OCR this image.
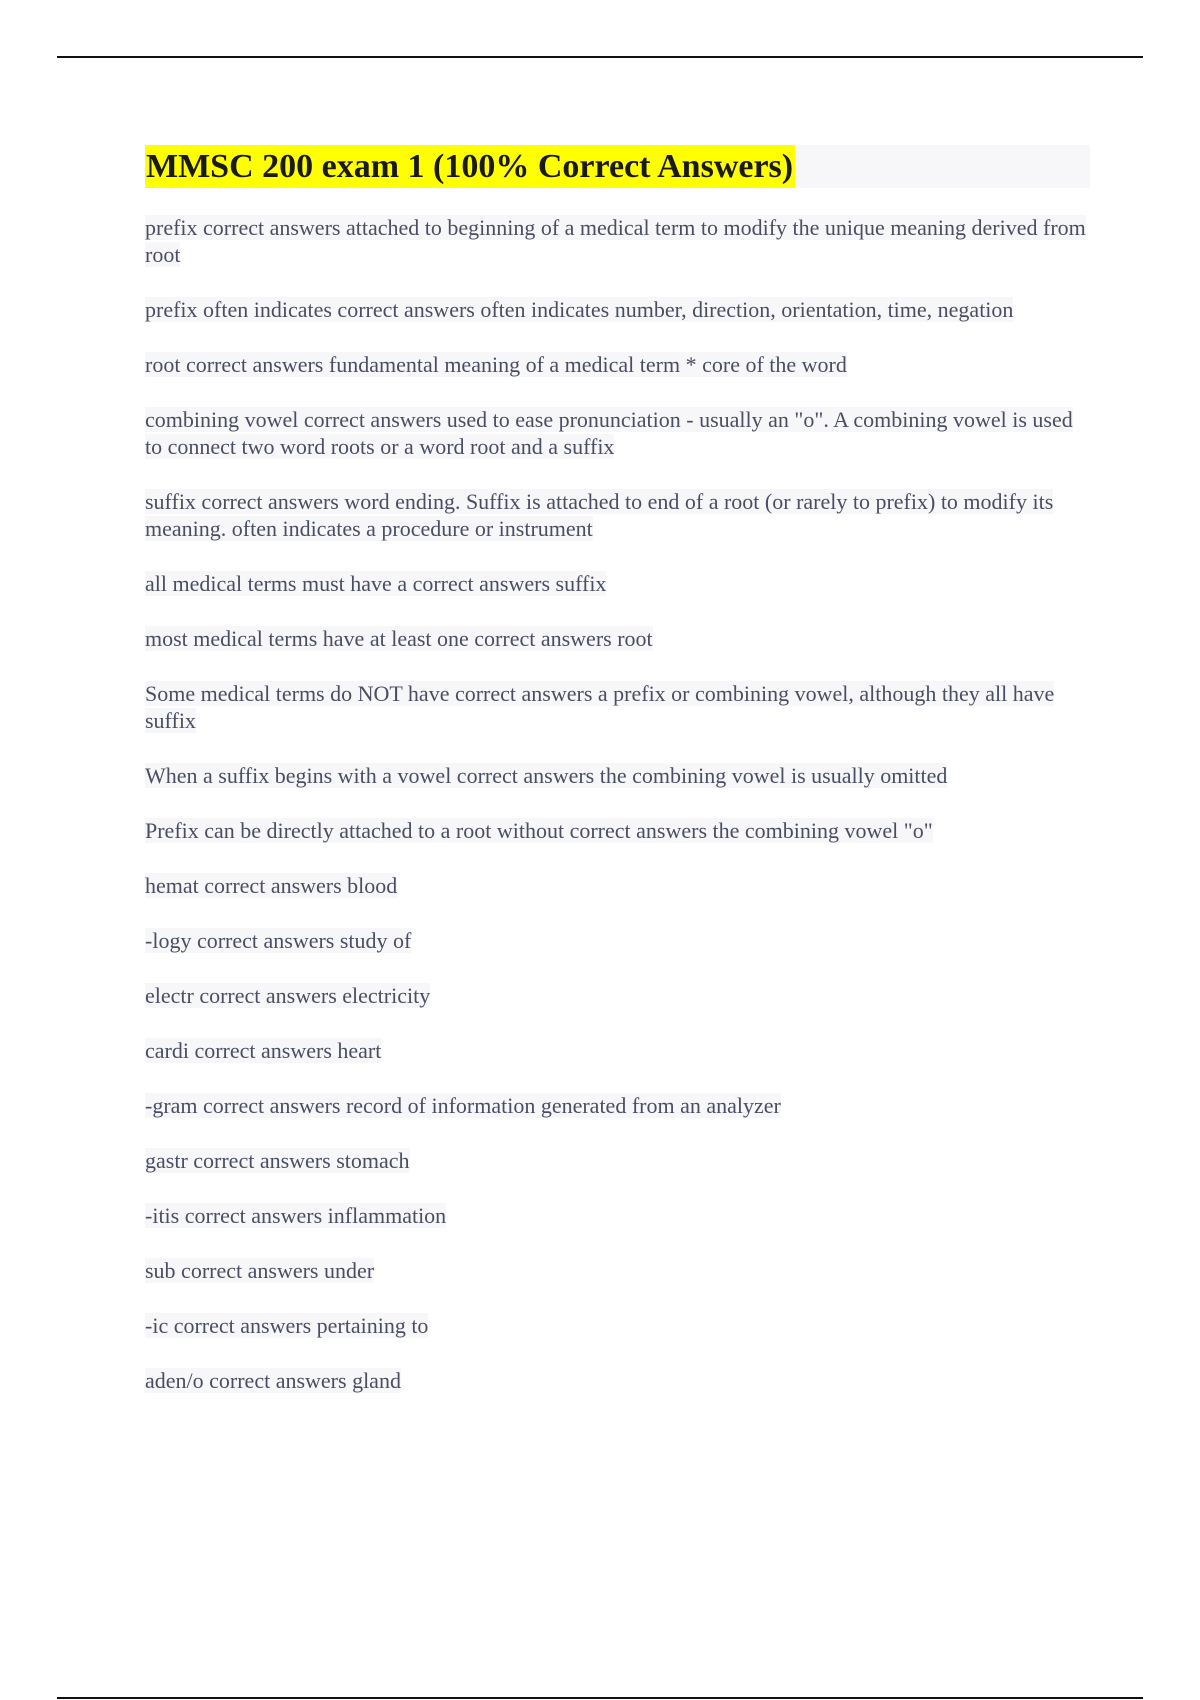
MMSC 200 exam 1 (100% Correct Answers)
prefix correct answers attached to beginning of a medical term to modify the unique meaning derived from root
prefix often indicates correct answers often indicates number, direction, orientation, time, negation
root correct answers fundamental meaning of a medical term * core of the word
combining vowel correct answers used to ease pronunciation - usually an "o". A combining vowel is used to connect two word roots or a word root and a suffix
suffix correct answers word ending. Suffix is attached to end of a root (or rarely to prefix) to modify its meaning. often indicates a procedure or instrument
all medical terms must have a correct answers suffix
most medical terms have at least one correct answers root
Some medical terms do NOT have correct answers a prefix or combining vowel, although they all have suffix
When a suffix begins with a vowel correct answers the combining vowel is usually omitted
Prefix can be directly attached to a root without correct answers the combining vowel "o"
hemat correct answers blood
-logy correct answers study of
electr correct answers electricity
cardi correct answers heart
-gram correct answers record of information generated from an analyzer
gastr correct answers stomach
-itis correct answers inflammation
sub correct answers under
-ic correct answers pertaining to
aden/o correct answers gland
